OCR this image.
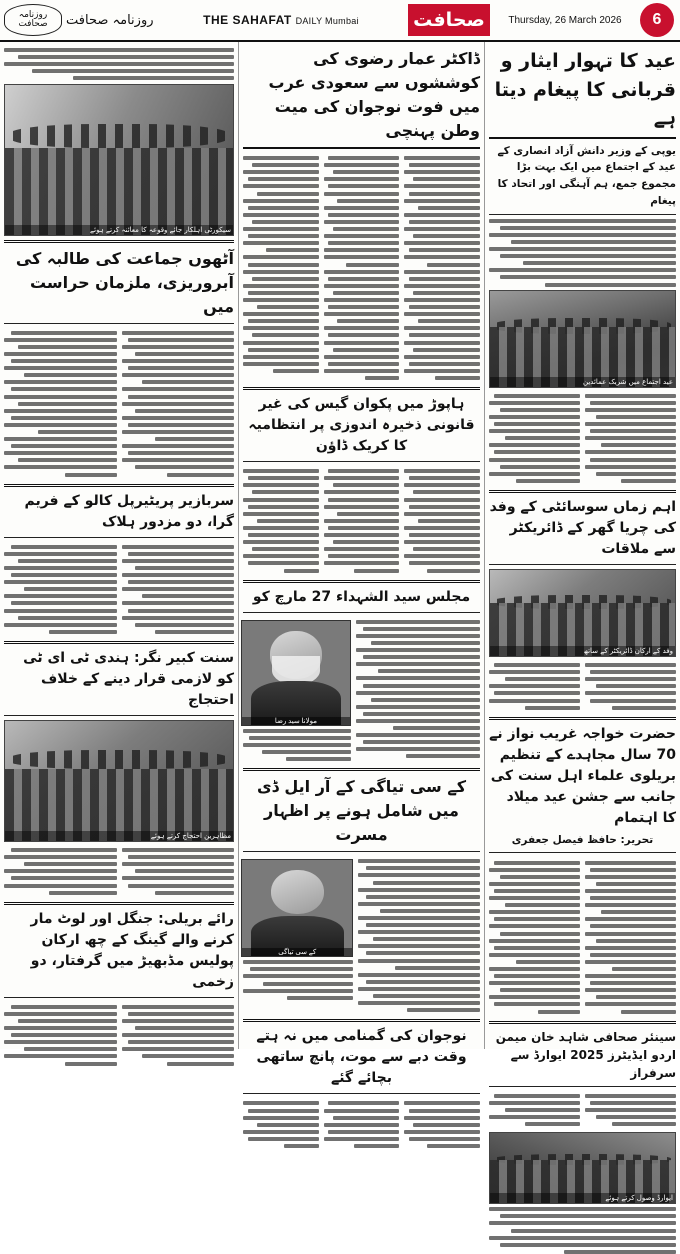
روزنامہ صحافت	روزنامہ صحافت	THE SAHAFAT DAILY Mumbai	صحافت	Thursday, 26 March 2026	6
عید کا تہوار ایثار و قربانی کا پیغام دیتا ہے
یوپی کے وزیر دانش آزاد انصاری کے عید کے اجتماع میں ایک بہت بڑا مجموع جمع، ہم آہنگی اور اتحاد کا پیغام
عید اجتماع میں شریک عمائدین
اہم زماں سوسائٹی کے وفد کی چریا گھر کے ڈائریکٹر سے ملاقات
وفد کے ارکان ڈائریکٹر کے ساتھ
حضرت خواجہ غریب نواز نے 70 سال مجاہدے کے تنظیم بریلوی علماء اہل سنت کی جانب سے جشن عید میلاد کا اہتمام
تحریر: حافظ فیصل جعفری
سینئر صحافی شاہد خان میمن اردو ایڈیٹرز 2025 ایوارڈ سے سرفراز
ایوارڈ وصول کرتے ہوئے
ڈاکٹر عمار رضوی کی کوششوں سے سعودی عرب میں فوت نوجوان کی میت وطن پہنچی
ہاپوڑ میں پکوان گیس کی غیر قانونی ذخیرہ اندوزی پر انتظامیہ کا کریک ڈاؤن
مجلس سید الشہداء 27 مارچ کو
مولانا سید رضا
کے سی تیاگی کے آر ایل ڈی میں شامل ہونے پر اظہار مسرت
کے سی تیاگی
نوجوان کی گمنامی میں نہ ہتے وقت دبے سے موت، پانچ ساتھی بچائے گئے
سیکورٹی اہلکار جائے وقوعہ کا معائنہ کرتے ہوئے
آٹھوں جماعت کی طالبہ کی آبروریزی، ملزمان حراست میں
سربازیر پریٹیرپل کالو کے فریم گرا، دو مزدور ہلاک
سنت کبیر نگر: ہندی ٹی ای ٹی کو لازمی قرار دینے کے خلاف احتجاج
مظاہرین احتجاج کرتے ہوئے
رائے بریلی: جنگل اور لوٹ مار کرنے والے گینگ کے چھ ارکان پولیس مڈبھیڑ میں گرفتار، دو زخمی
